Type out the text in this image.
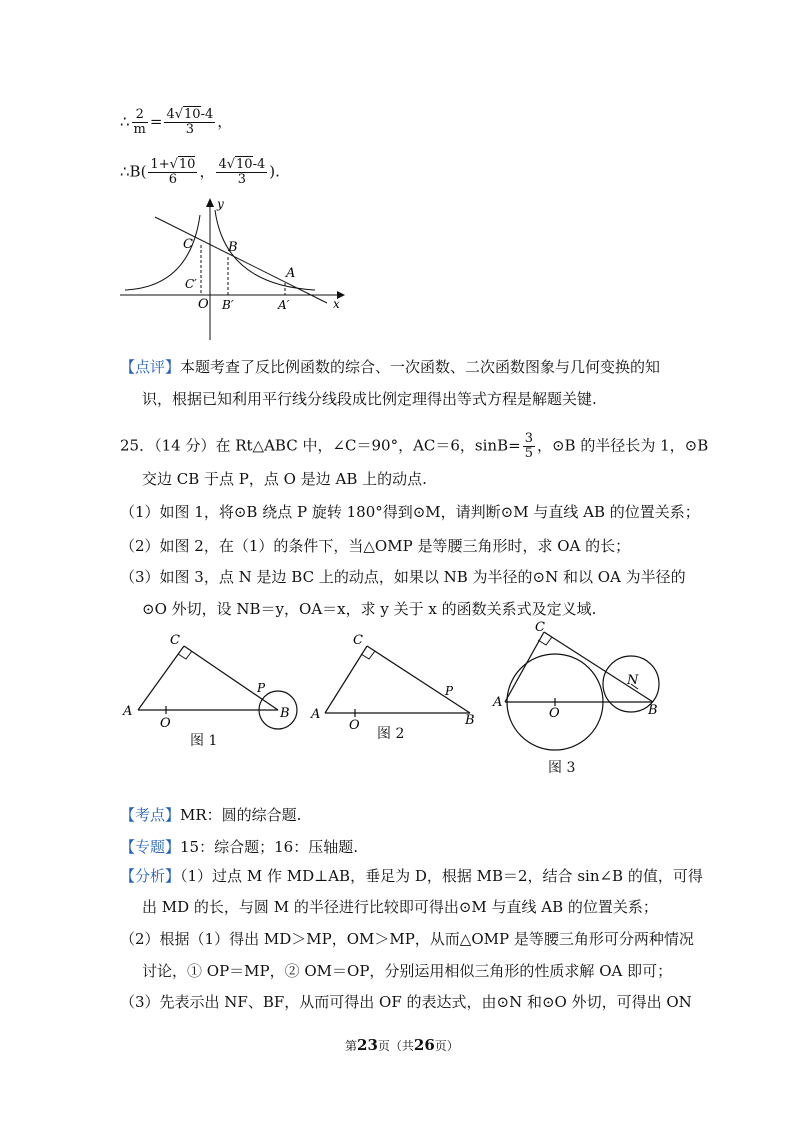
∴ $\frac{2}{m} = \frac{4√10-4}{3}$ ，
∴B( $\frac{1+√10}{6}$ ， $\frac{4√10-4}{3}$ ).
y
x
C	B
A
C′
O B′	A′
【点评】本题考查了反比例函数的综合、一次函数、二次函数图象与几何变换的知
识，根据已知利用平行线分线段成比例定理得出等式方程是解题关键.
25．（14 分）在 Rt△ABC 中，∠C＝90°，AC＝6，$\sin B= \frac{3}{5}$ ，⊙B 的半径长为 1，⊙B
交边 CB 于点 P，点 O 是边 AB 上的动点.
（1）如图 1，将⊙B 绕点 P 旋转 180°得到⊙M，请判断⊙M 与直线 AB 的位置关系；
（2）如图 2，在（1）的条件下，当△OMP 是等腰三角形时，求 OA 的长；
（3）如图 3，点 N 是边 BC 上的动点，如果以 NB 为半径的⊙N 和以 OA 为半径的
⊙O 外切，设 NB＝y，OA＝x，求 y 关于 x 的函数关系式及定义域.
A	B
C
O
P
图 1
A	B
C
O
P
图 2
A
B
C
O
N
图 3
【考点】MR：圆的综合题.
【专题】15：综合题；16：压轴题.
【分析】（1）过点 M 作 MD⊥AB，垂足为 D，根据 MB＝2，结合 sin∠B 的值，可得
出 MD 的长，与圆 M 的半径进行比较即可得出⊙M 与直线 AB 的位置关系；
（2）根据（1）得出 MD＞MP，OM＞MP，从而△OMP 是等腰三角形可分两种情况
讨论，① OP＝MP，② OM＝OP，分别运用相似三角形的性质求解 OA 即可；
（3）先表示出 NF、BF，从而可得出 OF 的表达式，由⊙N 和⊙O 外切，可得出 ON
第23页（共26页）
